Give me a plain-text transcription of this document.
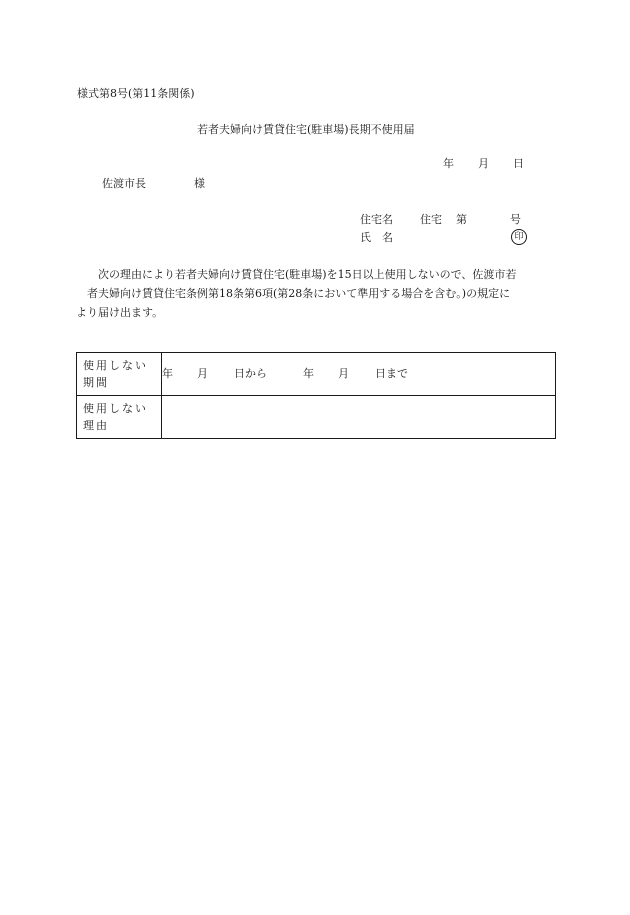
様式第8号(第11条関係)
若者夫婦向け賃貸住宅(駐車場)長期不使用届
年 月 日
佐渡市長	様
住宅名	住宅	第	号
氏　名	印
次の理由により若者夫婦向け賃貸住宅(駐車場)を15日以上使用しないので、佐渡市若
者夫婦向け賃貸住宅条例第18条第6項(第28条において準用する場合を含む。)の規定に
より届け出ます。
使用しない
期間	年 月 日から 年 月 日まで

使用しない
理由	
